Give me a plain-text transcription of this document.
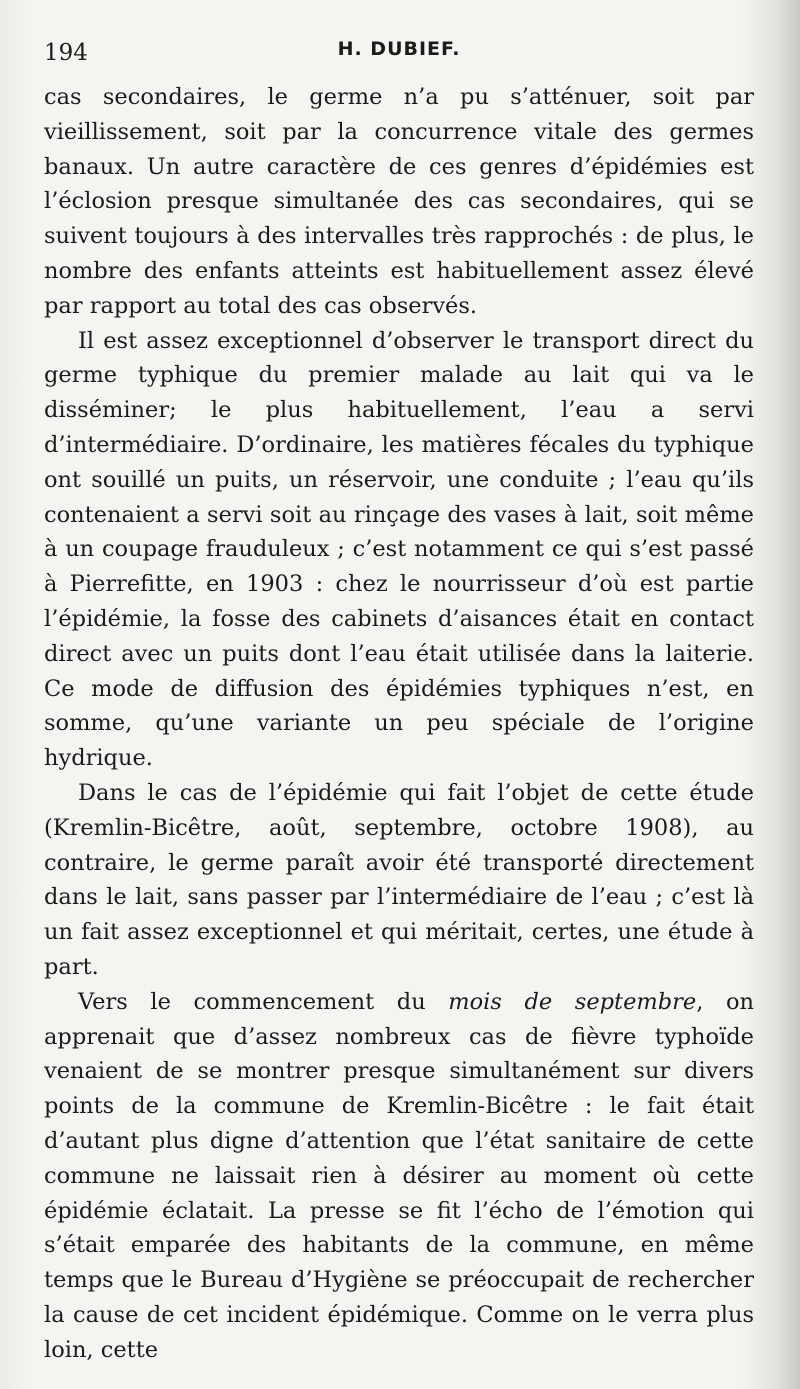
194	H. DUBIEF.

cas secondaires, le germe n’a pu s’atténuer, soit par vieillissement, soit par la concurrence vitale des germes banaux. Un autre caractère de ces genres d’épidémies est l’éclosion presque simultanée des cas secondaires, qui se suivent toujours à des intervalles très rapprochés : de plus, le nombre des enfants atteints est habituellement assez élevé par rapport au total des cas observés.

Il est assez exceptionnel d’observer le transport direct du germe typhique du premier malade au lait qui va le disséminer; le plus habituellement, l’eau a servi d’intermédiaire. D’ordinaire, les matières fécales du typhique ont souillé un puits, un réservoir, une conduite ; l’eau qu’ils contenaient a servi soit au rinçage des vases à lait, soit même à un coupage frauduleux ; c’est notamment ce qui s’est passé à Pierrefitte, en 1903 : chez le nourrisseur d’où est partie l’épidémie, la fosse des cabinets d’aisances était en contact direct avec un puits dont l’eau était utilisée dans la laiterie. Ce mode de diffusion des épidémies typhiques n’est, en somme, qu’une variante un peu spéciale de l’origine hydrique.

Dans le cas de l’épidémie qui fait l’objet de cette étude (Kremlin-Bicêtre, août, septembre, octobre 1908), au contraire, le germe paraît avoir été transporté directement dans le lait, sans passer par l’intermédiaire de l’eau ; c’est là un fait assez exceptionnel et qui méritait, certes, une étude à part.

Vers le commencement du mois de septembre, on apprenait que d’assez nombreux cas de fièvre typhoïde venaient de se montrer presque simultanément sur divers points de la commune de Kremlin-Bicêtre : le fait était d’autant plus digne d’attention que l’état sanitaire de cette commune ne laissait rien à désirer au moment où cette épidémie éclatait. La presse se fit l’écho de l’émotion qui s’était emparée des habitants de la commune, en même temps que le Bureau d’Hygiène se préoccupait de rechercher la cause de cet incident épidémique. Comme on le verra plus loin, cette
